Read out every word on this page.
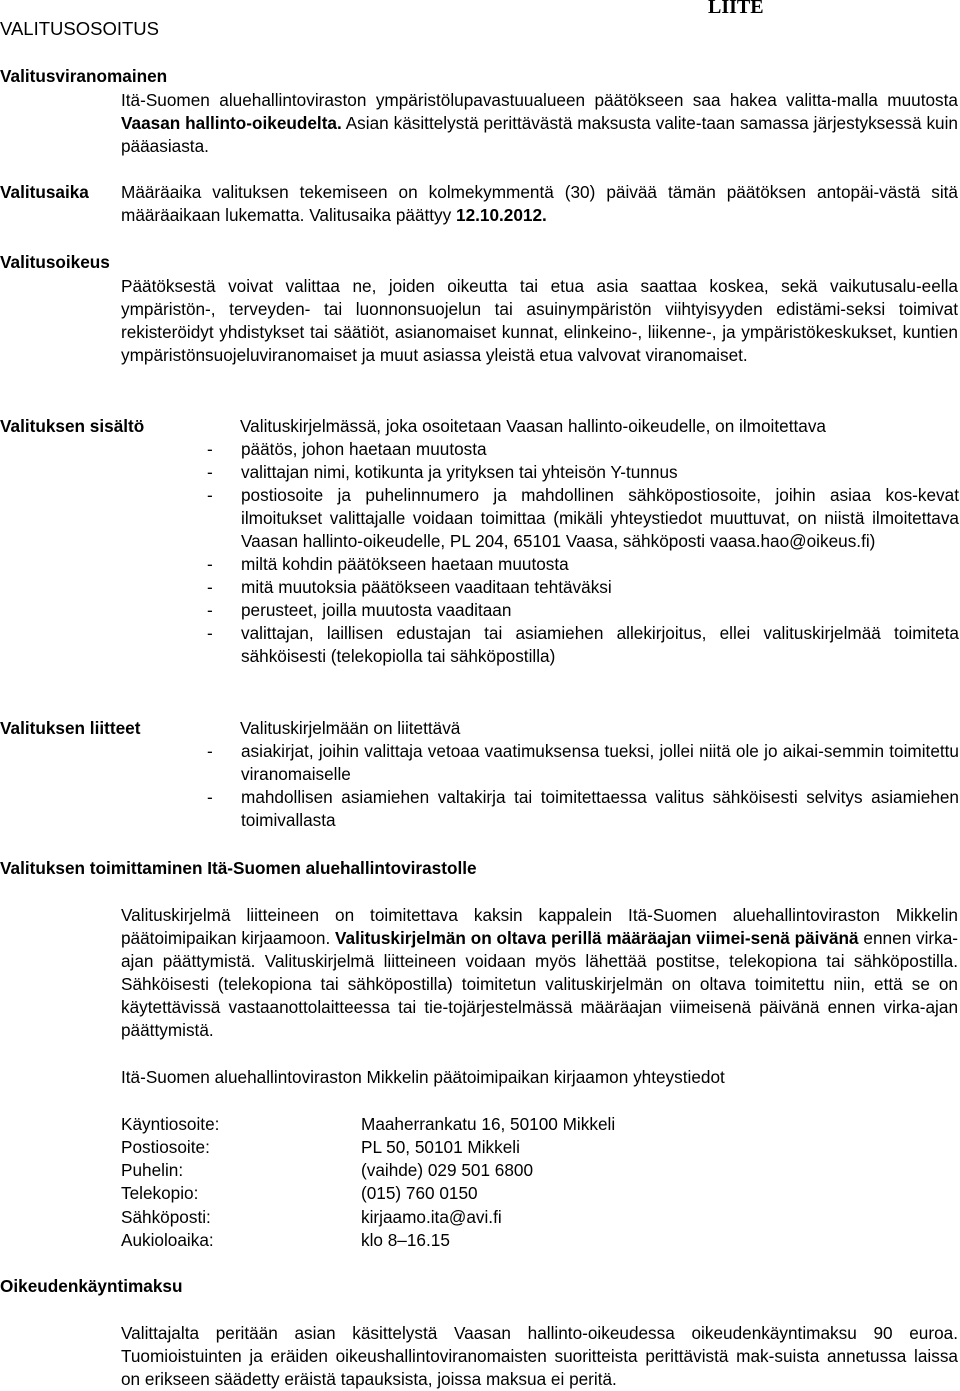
VALITUSOSOITUS
LIITE
Valitusviranomainen
Itä-Suomen aluehallintoviraston ympäristölupavastuualueen päätökseen saa hakea valitta-malla muutosta Vaasan hallinto-oikeudelta. Asian käsittelystä perittävästä maksusta valite-taan samassa järjestyksessä kuin pääasiasta.
Valitusaika Määräaika valituksen tekemiseen on kolmekymmentä (30) päivää tämän päätöksen antopäi-västä sitä määräaikaan lukematta. Valitusaika päättyy 12.10.2012.
Valitusoikeus
Päätöksestä voivat valittaa ne, joiden oikeutta tai etua asia saattaa koskea, sekä vaikutusalu-eella ympäristön-, terveyden- tai luonnonsuojelun tai asuinympäristön viihtyisyyden edistämi-seksi toimivat rekisteröidyt yhdistykset tai säätiöt, asianomaiset kunnat, elinkeino-, liikenne-, ja ympäristökeskukset, kuntien ympäristönsuojeluviranomaiset ja muut asiassa yleistä etua valvovat viranomaiset.
Valituksen sisältö	Valituskirjelmässä, joka osoitetaan Vaasan hallinto-oikeudelle, on ilmoitettava
-	päätös, johon haetaan muutosta
-	valittajan nimi, kotikunta ja yrityksen tai yhteisön Y-tunnus
-	postiosoite ja puhelinnumero ja mahdollinen sähköpostiosoite, joihin asiaa kos-kevat ilmoitukset valittajalle voidaan toimittaa (mikäli yhteystiedot muuttuvat, on niistä ilmoitettava Vaasan hallinto-oikeudelle, PL 204, 65101 Vaasa, sähköposti vaasa.hao@oikeus.fi)
-	miltä kohdin päätökseen haetaan muutosta
-	mitä muutoksia päätökseen vaaditaan tehtäväksi
-	perusteet, joilla muutosta vaaditaan
-	valittajan, laillisen edustajan tai asiamiehen allekirjoitus, ellei valituskirjelmää toimiteta sähköisesti (telekopiolla tai sähköpostilla)
Valituksen liitteet	Valituskirjelmään on liitettävä
-	asiakirjat, joihin valittaja vetoaa vaatimuksensa tueksi, jollei niitä ole jo aikai-semmin toimitettu viranomaiselle
-	mahdollisen asiamiehen valtakirja tai toimitettaessa valitus sähköisesti selvitys asiamiehen toimivallasta
Valituksen toimittaminen Itä-Suomen aluehallintovirastolle
Valituskirjelmä liitteineen on toimitettava kaksin kappalein Itä-Suomen aluehallintoviraston Mikkelin päätoimipaikan kirjaamoon. Valituskirjelmän on oltava perillä määräajan viimei-senä päivänä ennen virka-ajan päättymistä. Valituskirjelmä liitteineen voidaan myös lähettää postitse, telekopiona tai sähköpostilla. Sähköisesti (telekopiona tai sähköpostilla) toimitetun valituskirjelmän on oltava toimitettu niin, että se on käytettävissä vastaanottolaitteessa tai tie-tojärjestelmässä määräajan viimeisenä päivänä ennen virka-ajan päättymistä.
Itä-Suomen aluehallintoviraston Mikkelin päätoimipaikan kirjaamon yhteystiedot
Käyntiosoite:	Maaherrankatu 16, 50100 Mikkeli
Postiosoite:	PL 50, 50101 Mikkeli
Puhelin:	(vaihde) 029 501 6800
Telekopio:	(015) 760 0150
Sähköposti:	kirjaamo.ita@avi.fi
Aukioloaika:	klo 8–16.15
Oikeudenkäyntimaksu
Valittajalta peritään asian käsittelystä Vaasan hallinto-oikeudessa oikeudenkäyntimaksu 90 euroa. Tuomioistuinten ja eräiden oikeushallintoviranomaisten suoritteista perittävistä mak-suista annetussa laissa on erikseen säädetty eräistä tapauksista, joissa maksua ei peritä.
